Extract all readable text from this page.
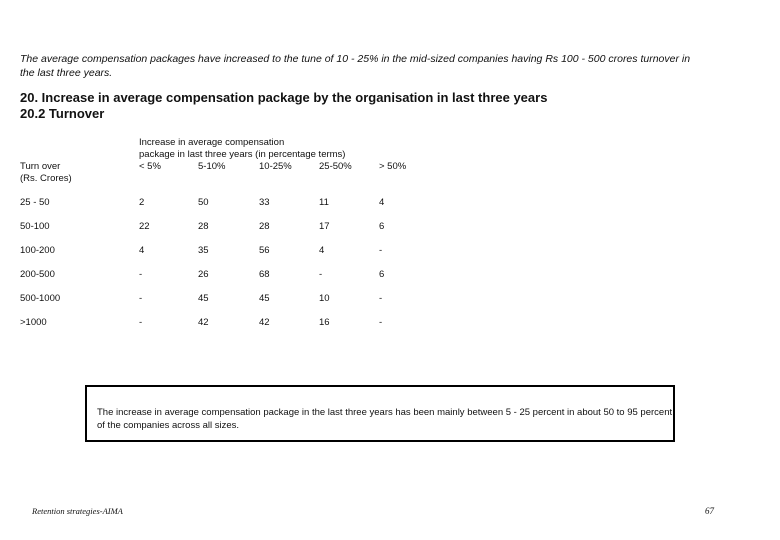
The average compensation packages have increased to the tune of 10 - 25% in the mid-sized companies having Rs 100 - 500 crores turnover in the last three years.

20. Increase in average compensation package by the organisation in last three years
20.2 Turnover
Increase in average compensation
package in last three years (in percentage terms)
Turn over
(Rs. Crores)
< 5%	5-10%	10-25%	25-50%	> 50%
25 - 50	2	50	33	11	4
50-100	22	28	28	17	6
100-200	4	35	56	4	-
200-500	-	26	68	-	6
500-1000	-	45	45	10	-
>1000	-	42	42	16	-

The increase in average compensation package in the last three years has been mainly between 5 - 25 percent in about 50 to 95 percent of the companies across all sizes.

Retention strategies-AIMA	67
